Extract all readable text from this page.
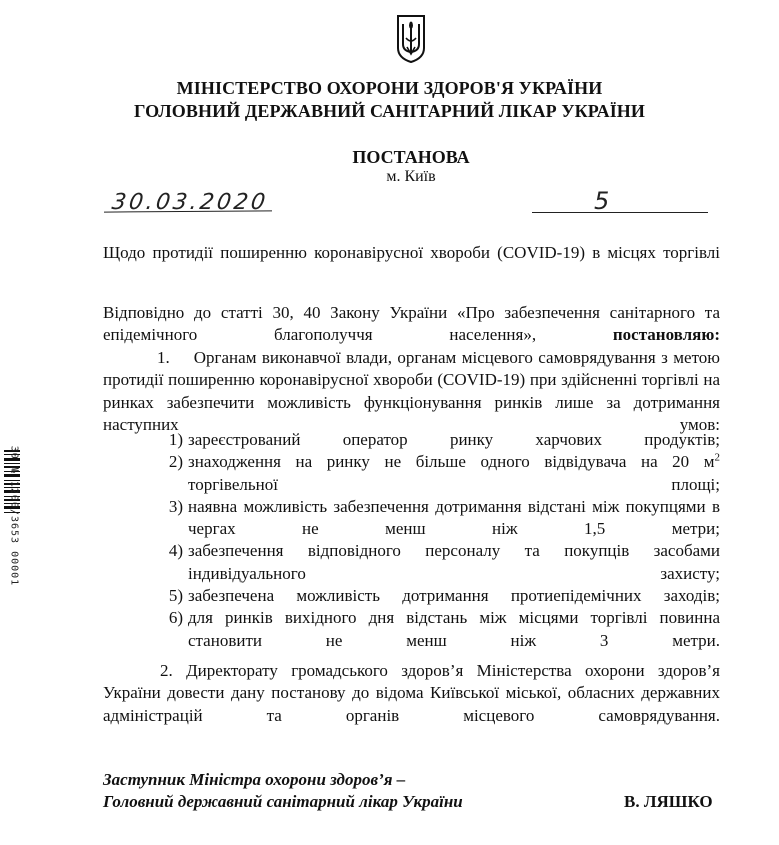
МІНІСТЕРСТВО ОХОРОНИ ЗДОРОВ'Я УКРАЇНИ
ГОЛОВНИЙ ДЕРЖАВНИЙ САНІТАРНИЙ ЛІКАР УКРАЇНИ
ПОСТАНОВА
м. Київ
30.03.2020	5
Щодо протидії поширенню коронавірусної хвороби (COVID-19) в місцях торгівлі
Відповідно до статті 30, 40 Закону України «Про забезпечення санітарного та епідемічного благополуччя населення»,	постановляю:
1. Органам виконавчої влади, органам місцевого самоврядування з метою протидії поширенню коронавірусної хвороби (COVID-19) при здійсненні торгівлі на ринках забезпечити можливість функціонування ринків лише за дотримання наступних умов:
1) зареєстрований оператор ринку харчових продуктів;
2) знаходження на ринку не більше одного відвідувача на 20 $м^2$ торгівельної площі;
3) наявна можливість забезпечення дотримання відстані між покупцями в чергах не менш ніж 1,5 метри;
4) забезпечення відповідного персоналу та покупців засобами індивідуального захисту;
5) забезпечена можливість дотримання протиепідемічних заходів;
6) для ринків вихідного дня відстань між місцями торгівлі повинна становити не менш ніж 3 метри.
2. Директорату громадського здоров’я Міністерства охорони здоров’я України довести дану постанову до відома Київської міської, обласних державних адміністрацій та органів місцевого самоврядування.
Заступник Міністра охорони здоров’я –
Головний державний санітарний лікар України	В. ЛЯШКО
30 № 1200/3653 00001
